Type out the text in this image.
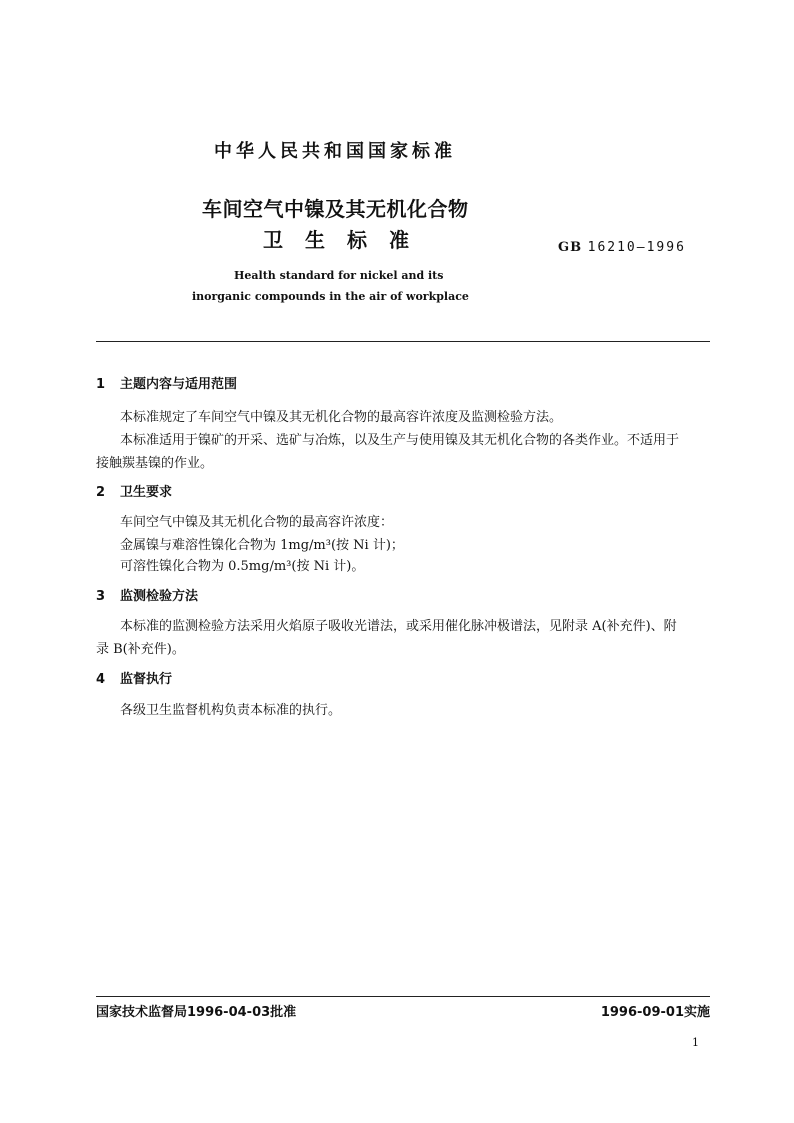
中华人民共和国国家标准
车间空气中镍及其无机化合物
卫生标准	GB 16210—1996
Health standard for nickel and its
inorganic compounds in the air of workplace
1 主题内容与适用范围
本标准规定了车间空气中镍及其无机化合物的最高容许浓度及监测检验方法。
本标准适用于镍矿的开采、选矿与冶炼，以及生产与使用镍及其无机化合物的各类作业。不适用于
接触羰基镍的作业。
2 卫生要求
车间空气中镍及其无机化合物的最高容许浓度：
金属镍与难溶性镍化合物为 1mg/m³(按 Ni 计)；
可溶性镍化合物为 0.5mg/m³(按 Ni 计)。
3 监测检验方法
本标准的监测检验方法采用火焰原子吸收光谱法，或采用催化脉冲极谱法，见附录 A(补充件)、附
录 B(补充件)。
4 监督执行
各级卫生监督机构负责本标准的执行。
国家技术监督局1996-04-03批准	1996-09-01实施
1
